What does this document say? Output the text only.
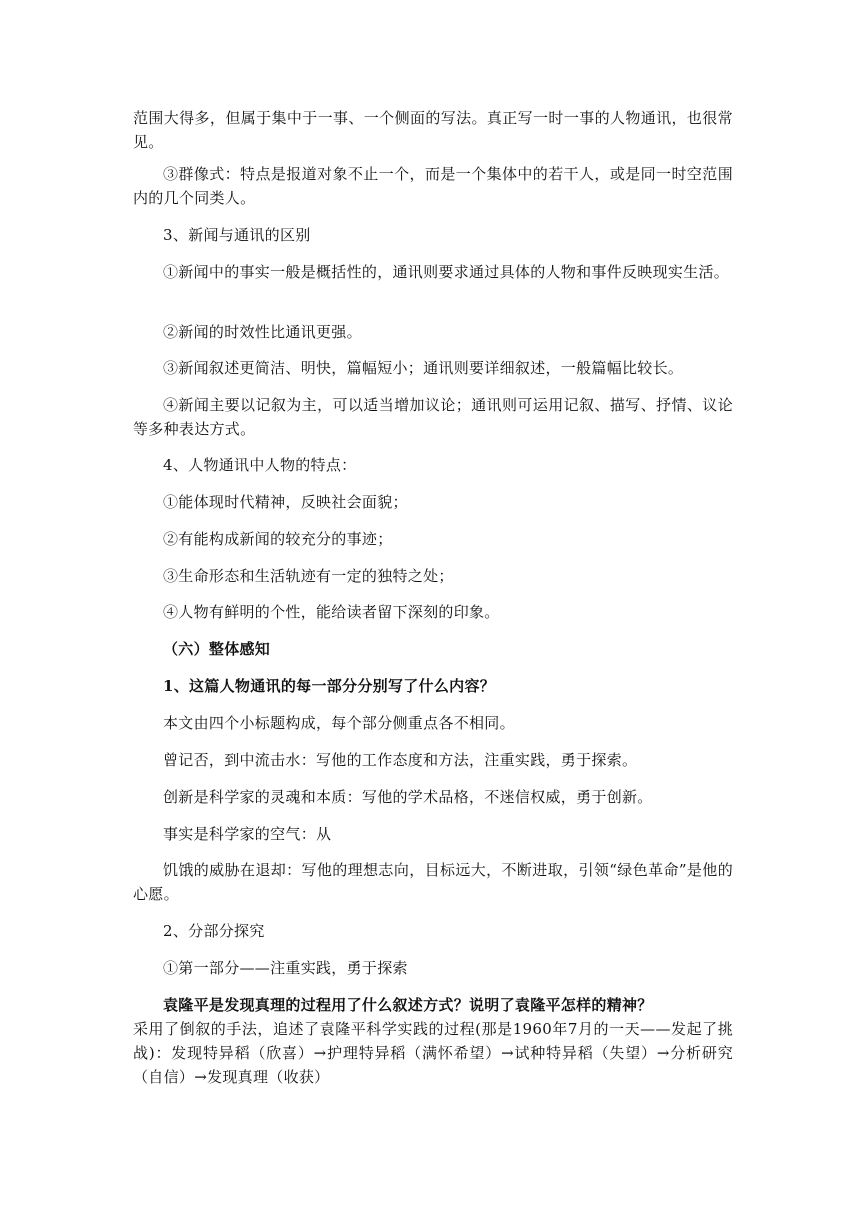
范围大得多，但属于集中于一事、一个侧面的写法。真正写一时一事的人物通讯，也很常见。

③群像式：特点是报道对象不止一个，而是一个集体中的若干人，或是同一时空范围内的几个同类人。

3、新闻与通讯的区别

①新闻中的事实一般是概括性的，通讯则要求通过具体的人物和事件反映现实生活。

②新闻的时效性比通讯更强。

③新闻叙述更简洁、明快，篇幅短小；通讯则要详细叙述，一般篇幅比较长。

④新闻主要以记叙为主，可以适当增加议论；通讯则可运用记叙、描写、抒情、议论等多种表达方式。

4、人物通讯中人物的特点：

①能体现时代精神，反映社会面貌；

②有能构成新闻的较充分的事迹；

③生命形态和生活轨迹有一定的独特之处；

④人物有鲜明的个性，能给读者留下深刻的印象。

（六）整体感知

1、这篇人物通讯的每一部分分别写了什么内容？

本文由四个小标题构成，每个部分侧重点各不相同。

曾记否，到中流击水：写他的工作态度和方法，注重实践，勇于探索。

创新是科学家的灵魂和本质：写他的学术品格，不迷信权威，勇于创新。

事实是科学家的空气：从

饥饿的威胁在退却：写他的理想志向，目标远大，不断进取，引领“绿色革命”是他的心愿。

2、分部分探究

①第一部分——注重实践，勇于探索

袁隆平是发现真理的过程用了什么叙述方式？说明了袁隆平怎样的精神？

采用了倒叙的手法，追述了袁隆平科学实践的过程(那是1960年7月的一天——发起了挑战)：发现特异稻（欣喜）→护理特异稻（满怀希望）→试种特异稻（失望）→分析研究（自信）→发现真理（收获）
